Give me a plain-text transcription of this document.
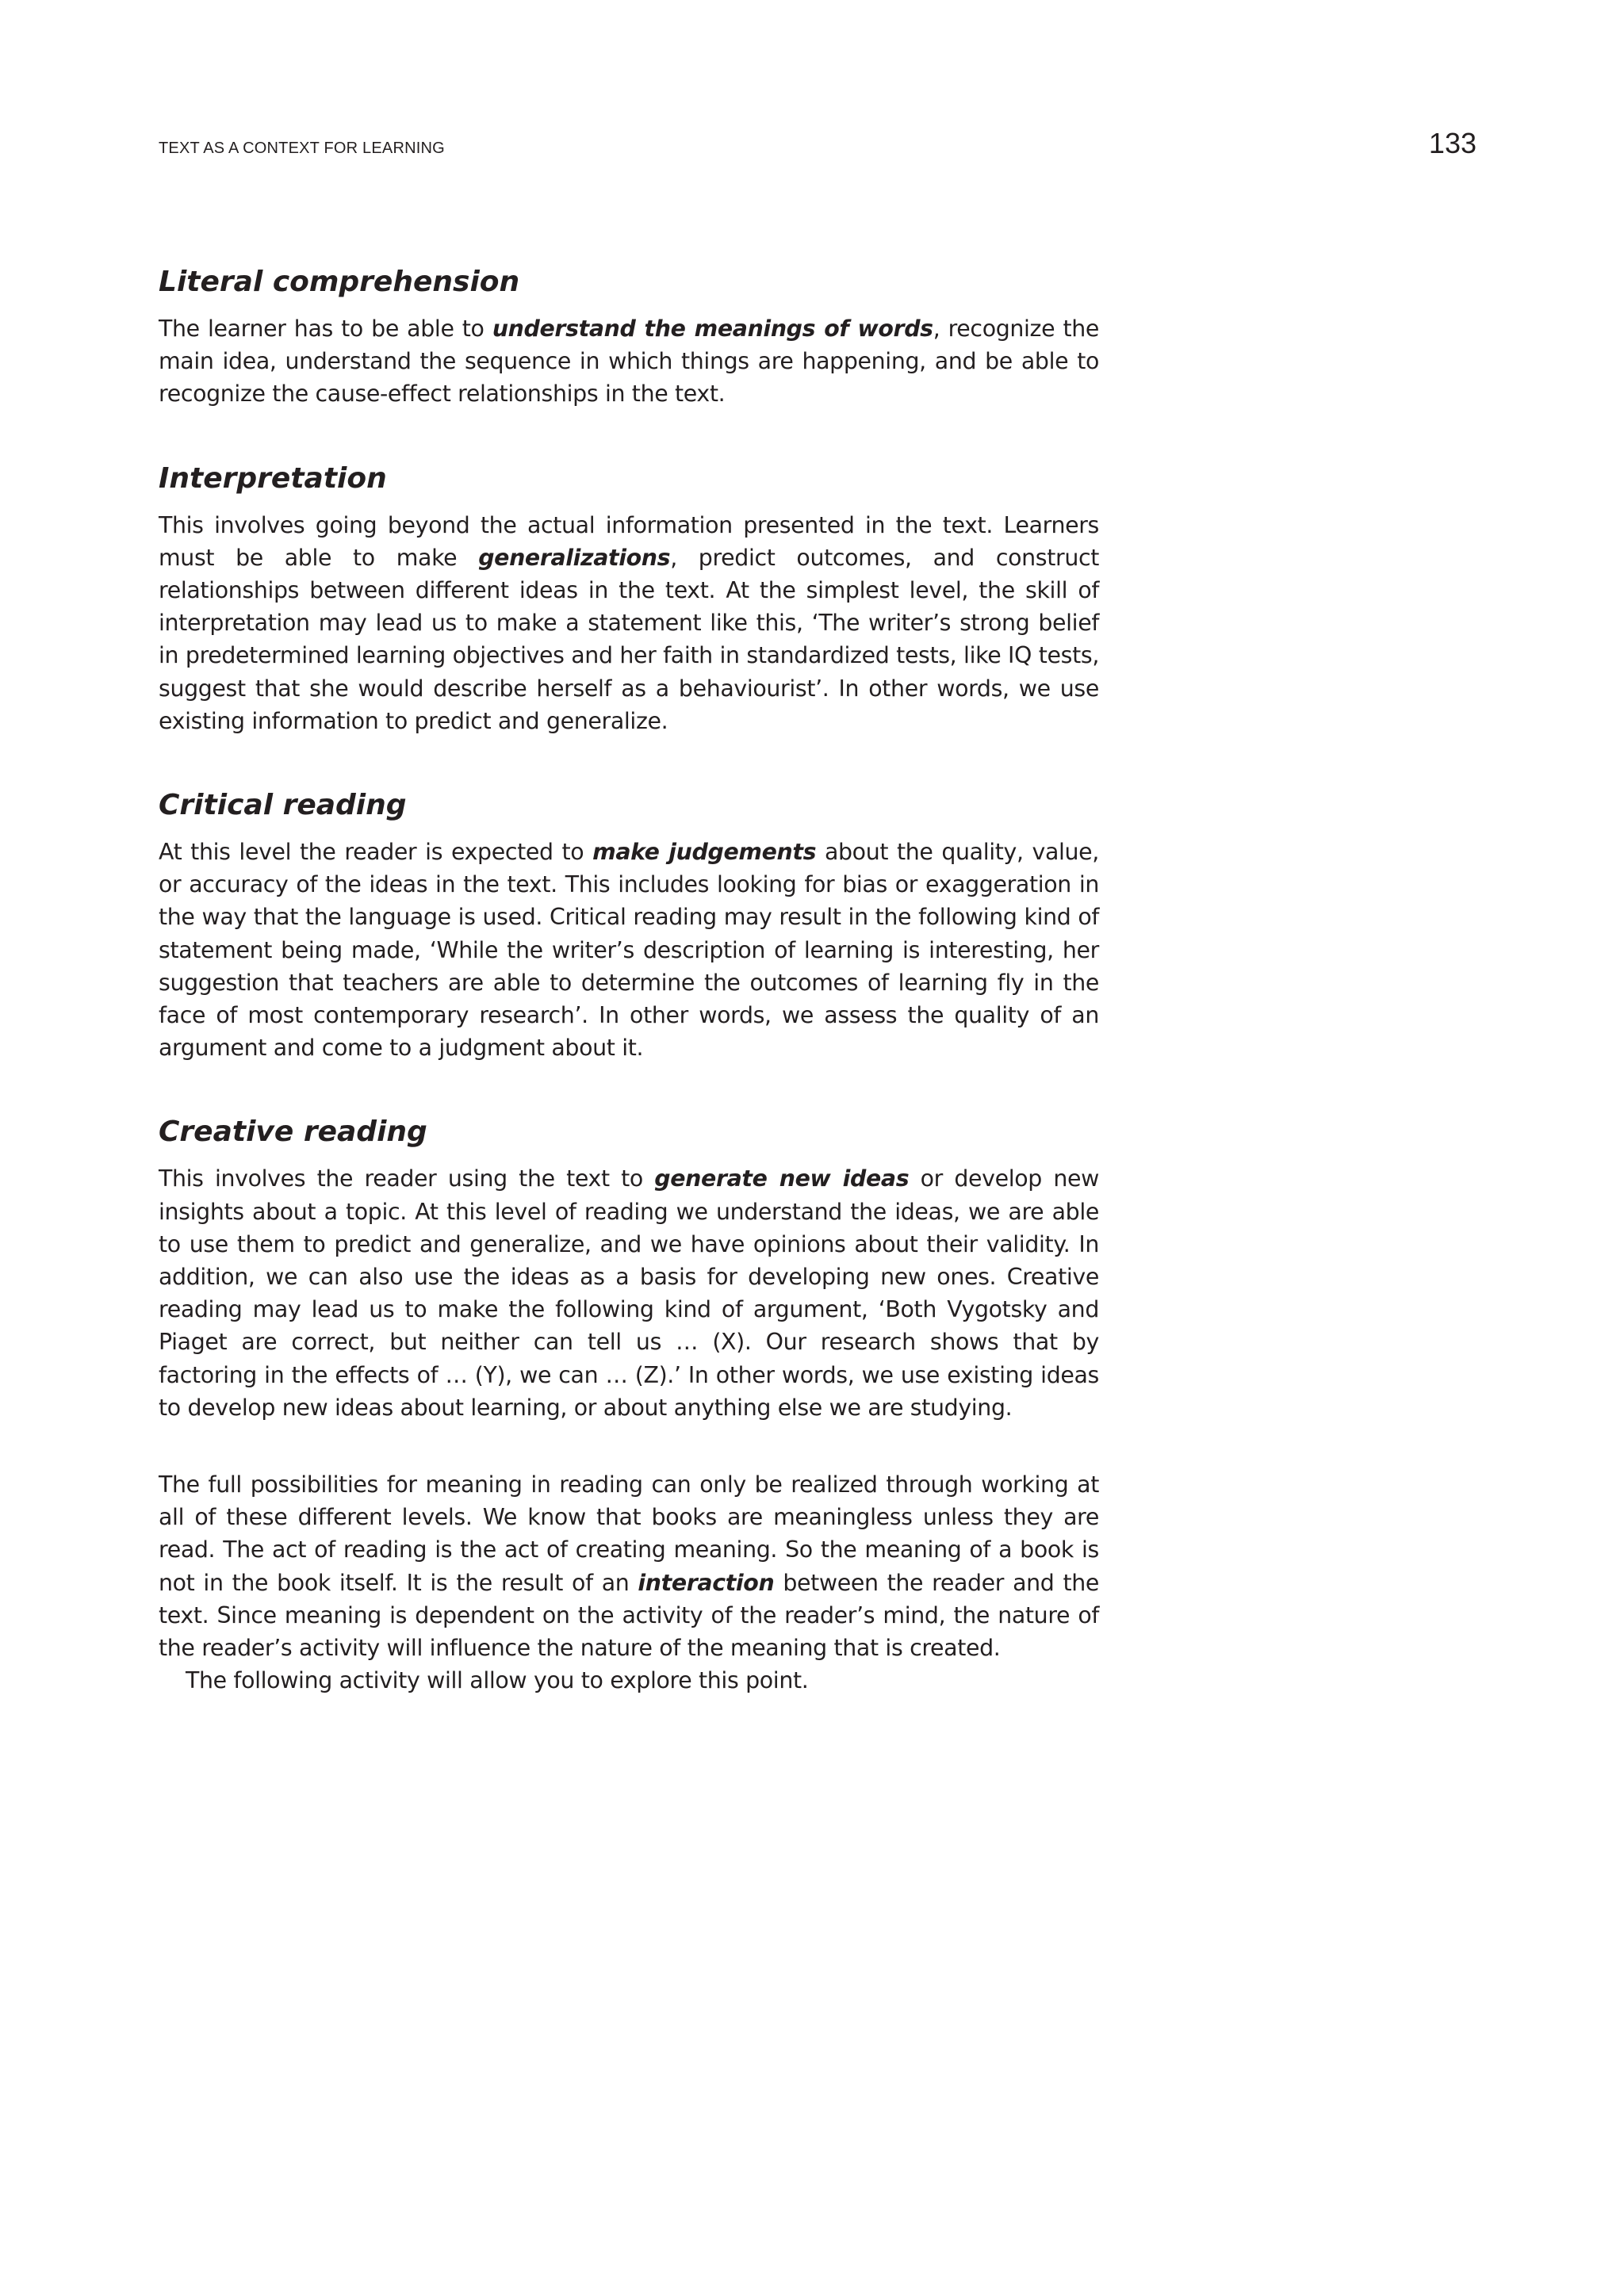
TEXT AS A CONTEXT FOR LEARNING	133
Literal comprehension

The learner has to be able to understand the meanings of words, recognize the main idea, understand the sequence in which things are happening, and be able to recognize the cause-effect relationships in the text.

Interpretation

This involves going beyond the actual information presented in the text. Learners must be able to make generalizations, predict outcomes, and construct relationships between different ideas in the text. At the simplest level, the skill of interpretation may lead us to make a statement like this, ‘The writer’s strong belief in predetermined learning objectives and her faith in standardized tests, like IQ tests, suggest that she would describe herself as a behaviourist’. In other words, we use existing information to predict and generalize.

Critical reading

At this level the reader is expected to make judgements about the quality, value, or accuracy of the ideas in the text. This includes looking for bias or exaggeration in the way that the language is used. Critical reading may result in the following kind of statement being made, ‘While the writer’s description of learning is interesting, her suggestion that teachers are able to determine the outcomes of learning fly in the face of most contemporary research’. In other words, we assess the quality of an argument and come to a judgment about it.

Creative reading

This involves the reader using the text to generate new ideas or develop new insights about a topic. At this level of reading we understand the ideas, we are able to use them to predict and generalize, and we have opinions about their validity. In addition, we can also use the ideas as a basis for developing new ones. Creative reading may lead us to make the following kind of argument, ‘Both Vygotsky and Piaget are correct, but neither can tell us … (X). Our research shows that by factoring in the effects of … (Y), we can … (Z).’ In other words, we use existing ideas to develop new ideas about learning, or about anything else we are studying.

The full possibilities for meaning in reading can only be realized through working at all of these different levels. We know that books are meaningless unless they are read. The act of reading is the act of creating meaning. So the meaning of a book is not in the book itself. It is the result of an interaction between the reader and the text. Since meaning is dependent on the activity of the reader’s mind, the nature of the reader’s activity will influence the nature of the meaning that is created.

The following activity will allow you to explore this point.
